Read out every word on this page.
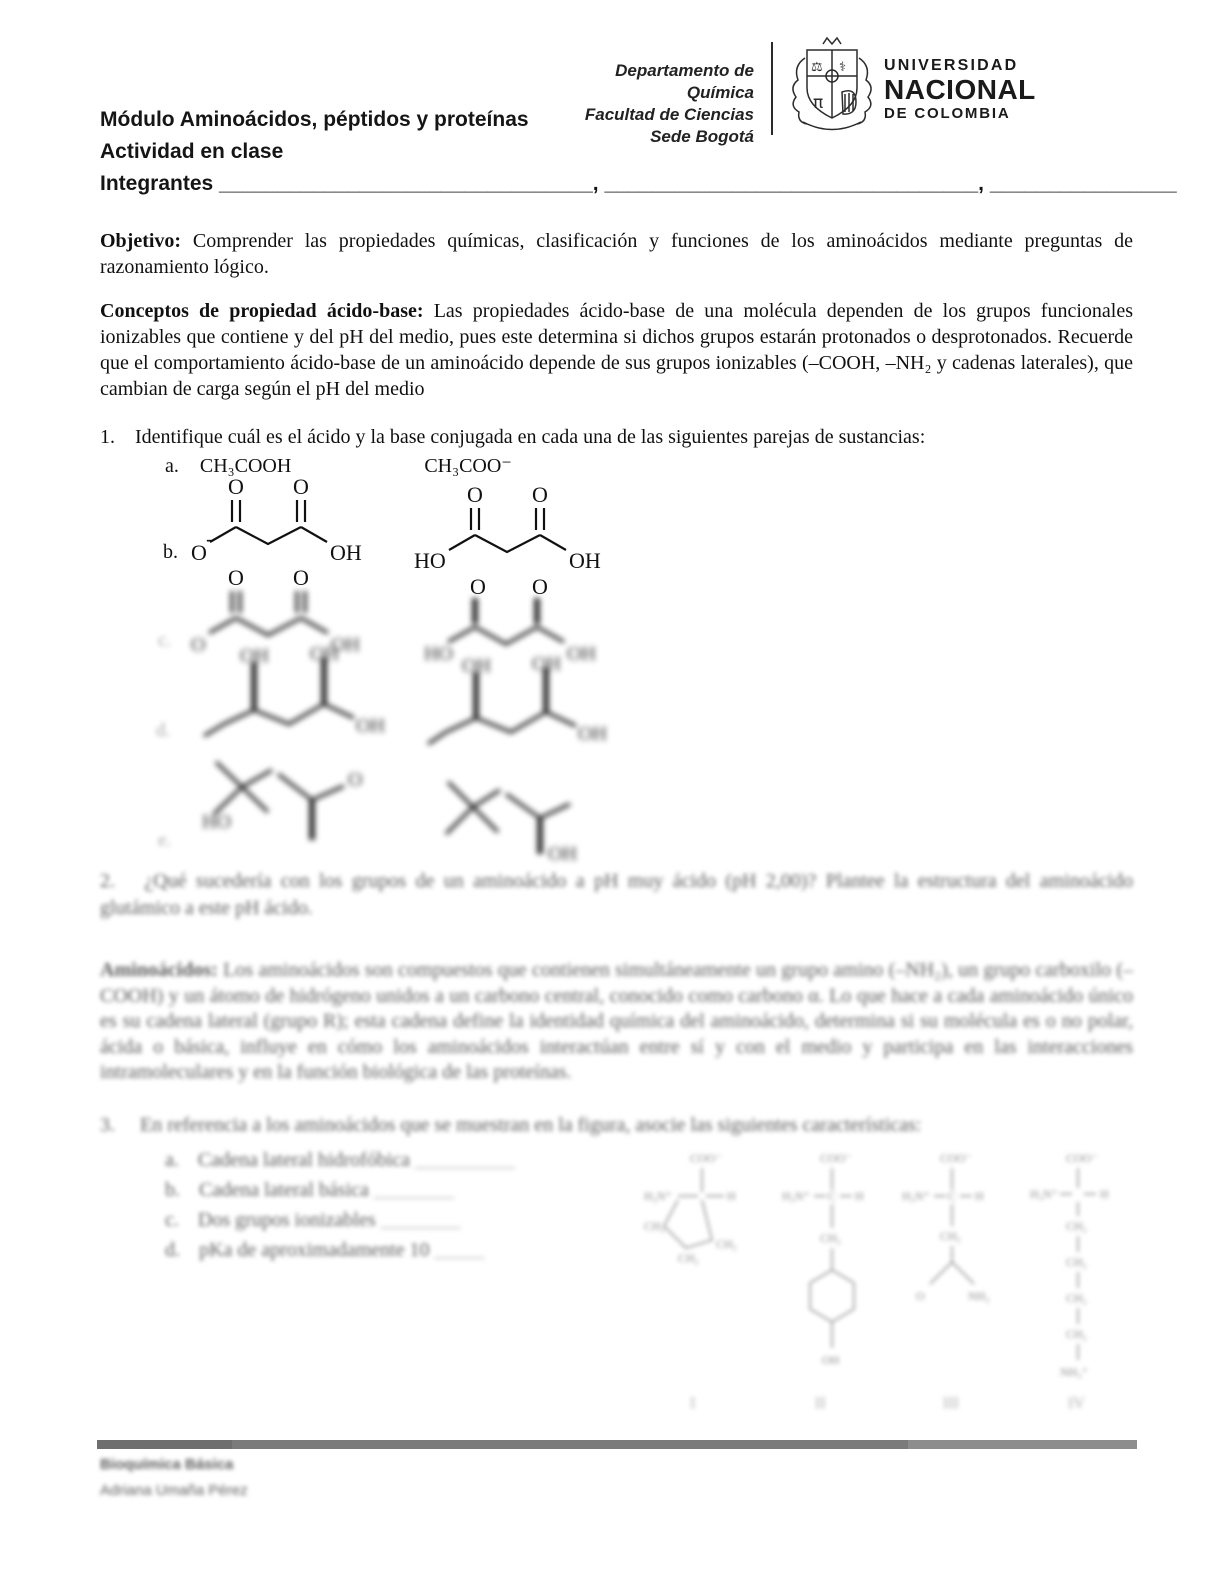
Módulo Aminoácidos, péptidos y proteínas
Actividad en clase
Integrantes ________________________________, ________________________________, ________________
Departamento de Química
Facultad de Ciencias
Sede Bogotá
⚖ ⚕
π
UNIVERSIDAD
NACIONAL
DE COLOMBIA

Objetivo: Comprender las propiedades químicas, clasificación y funciones de los aminoácidos mediante preguntas de razonamiento lógico.

Conceptos de propiedad ácido-base: Las propiedades ácido-base de una molécula dependen de los grupos funcionales ionizables que contiene y del pH del medio, pues este determina si dichos grupos estarán protonados o desprotonados. Recuerde que el comportamiento ácido-base de un aminoácido depende de sus grupos ionizables (–COOH, –NH₂ y cadenas laterales), que cambian de carga según el pH del medio

1. Identifique cuál es el ácido y la base conjugada en cada una de las siguientes parejas de sustancias:
a. CH₃COOH	CH₃COO⁻
O O
O
-
OH
O O
HO	OH
b.
O O
O	OH
O O
HO	OH
c.
OH OH
OH
OH OH
OH
d.
HO
O
OH
e.
2. ¿Qué sucedería con los grupos de un aminoácido a pH muy ácido (pH 2,00)? Plantee la estructura del aminoácido glutámico a este pH ácido.

Aminoácidos: Los aminoácidos son compuestos que contienen simultáneamente un grupo amino (–NH₂), un grupo carboxilo (–COOH) y un átomo de hidrógeno unidos a un carbono central, conocido como carbono α. Lo que hace a cada aminoácido único es su cadena lateral (grupo R); esta cadena define la identidad química del aminoácido, determina si su molécula es o no polar, ácida o básica, influye en cómo los aminoácidos interactúan entre sí y con el medio y participa en las interacciones intramoleculares y en la función biológica de las proteínas.

3. En referencia a los aminoácidos que se muestran en la figura, asocie las siguientes características:
a. Cadena lateral hidrofóbica __________
b. Cadena lateral básica ________
c. Dos grupos ionizables ________
d. pKa de aproximadamente 10 _____
COO⁻
H₂N⁺	H
CH₂
CH₂
CH₂
COO⁻
H₃N⁺ C H
CH₂
OH
COO⁻
H₃N⁺ C H
CH₂
O	NH₂
COO⁻
H₃N⁺	H
CH₂
CH₂
CH₂
CH₂
NH₃⁺
I	II	III	IV
Bioquímica Básica
Adriana Umaña Pérez
